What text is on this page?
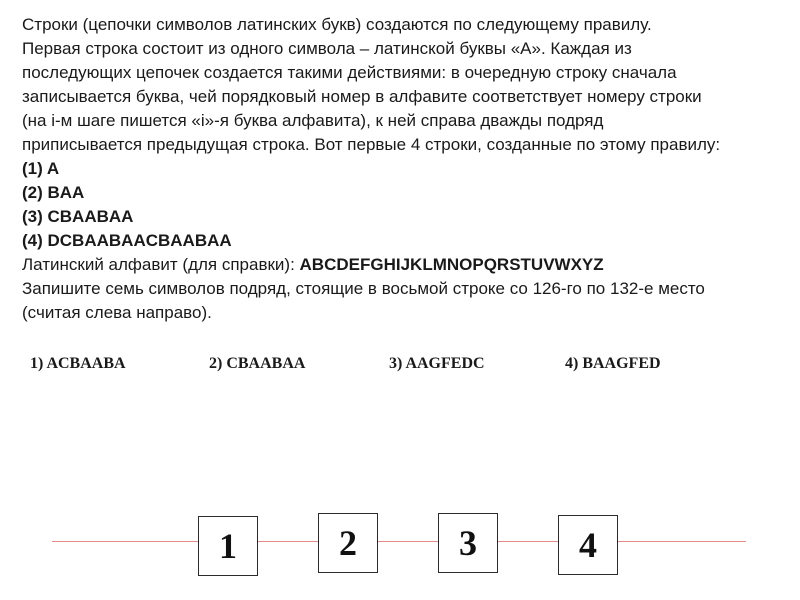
Строки (цепочки символов латинских букв) создаются по следующему правилу.
Первая строка состоит из одного символа – латинской буквы «A». Каждая из
последующих цепочек создается такими действиями: в очередную строку сначала
записывается буква, чей порядковый номер в алфавите соответствует номеру строки
(на i-м шаге пишется «i»-я буква алфавита), к ней справа дважды подряд
приписывается предыдущая строка. Вот первые 4 строки, созданные по этому правилу:
(1) A
(2) BAA
(3) CBAABAA
(4) DCBAABAACBAABAA
Латинский алфавит (для справки): ABCDEFGHIJKLMNOPQRSTUVWXYZ
Запишите семь символов подряд, стоящие в восьмой строке со 126-го по 132-е место
(считая слева направо).
1) ACBAABA	2) CBAABAA	3) AAGFEDC	4) BAAGFED
1	2	3	4
